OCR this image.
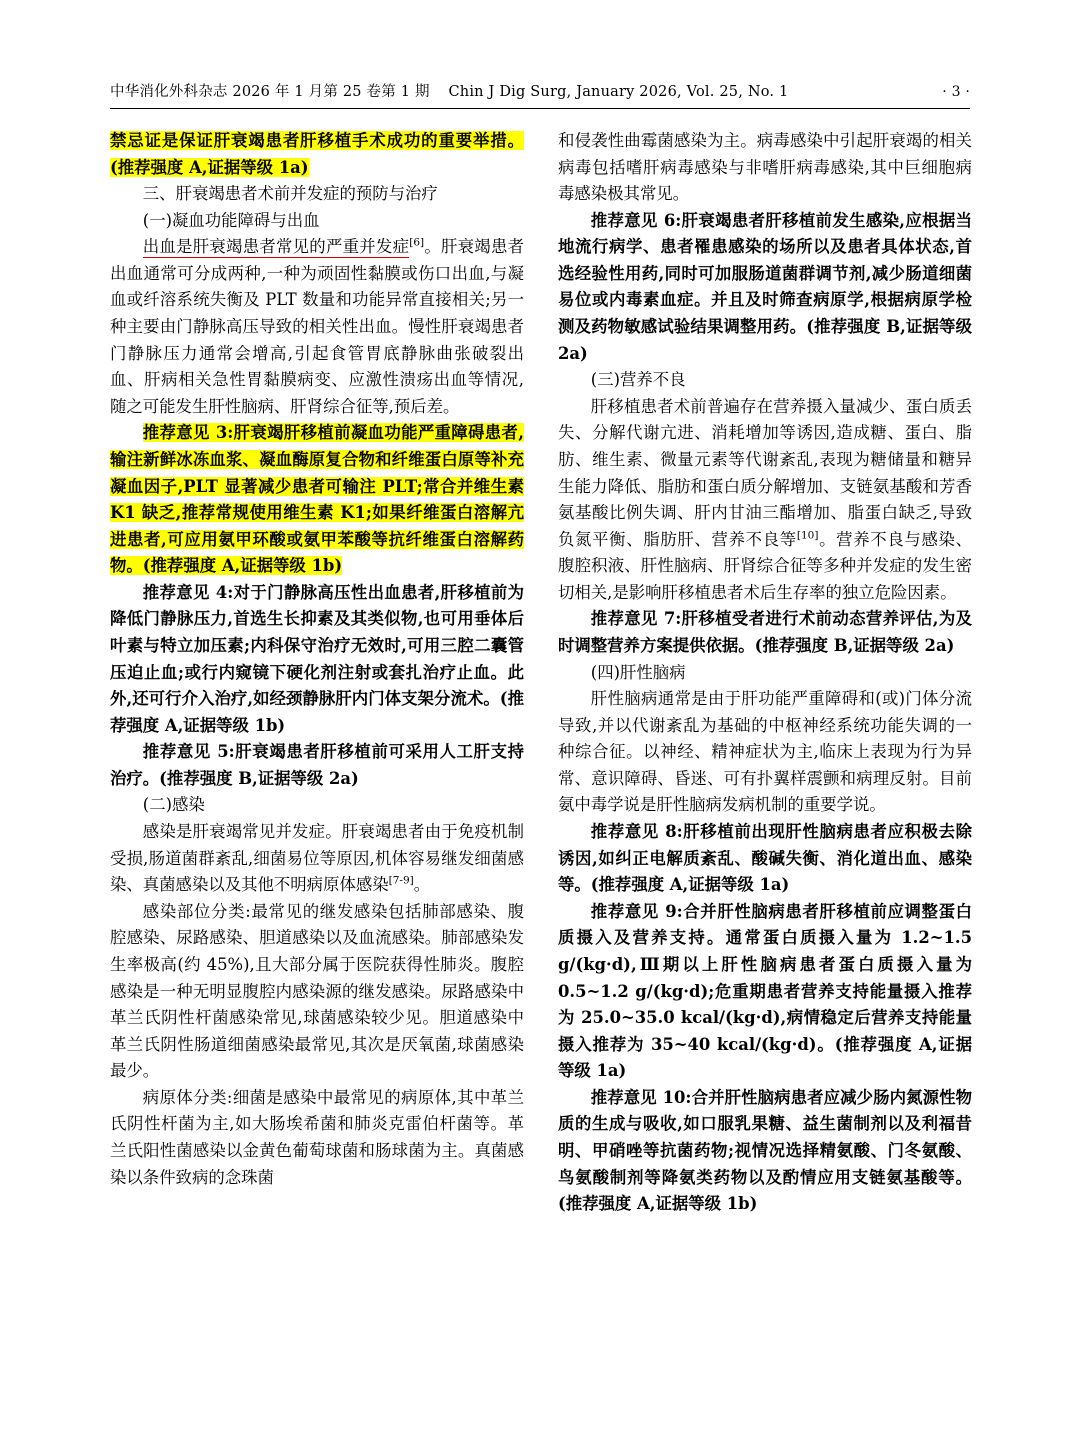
中华消化外科杂志 2026 年 1 月第 25 卷第 1 期 Chin J Dig Surg, January 2026, Vol. 25, No. 1	· 3 ·

禁忌证是保证肝衰竭患者肝移植手术成功的重要举措。(推荐强度 A,证据等级 1a)

三、肝衰竭患者术前并发症的预防与治疗

(一)凝血功能障碍与出血

出血是肝衰竭患者常见的严重并发症[6]。肝衰竭患者出血通常可分成两种,一种为顽固性黏膜或伤口出血,与凝血或纤溶系统失衡及 PLT 数量和功能异常直接相关;另一种主要由门静脉高压导致的相关性出血。慢性肝衰竭患者门静脉压力通常会增高,引起食管胃底静脉曲张破裂出血、肝病相关急性胃黏膜病变、应激性溃疡出血等情况,随之可能发生肝性脑病、肝肾综合征等,预后差。

推荐意见 3:肝衰竭肝移植前凝血功能严重障碍患者,输注新鲜冰冻血浆、凝血酶原复合物和纤维蛋白原等补充凝血因子,PLT 显著减少患者可输注 PLT;常合并维生素 K1 缺乏,推荐常规使用维生素 K1;如果纤维蛋白溶解亢进患者,可应用氨甲环酸或氨甲苯酸等抗纤维蛋白溶解药物。(推荐强度 A,证据等级 1b)

推荐意见 4:对于门静脉高压性出血患者,肝移植前为降低门静脉压力,首选生长抑素及其类似物,也可用垂体后叶素与特立加压素;内科保守治疗无效时,可用三腔二囊管压迫止血;或行内窥镜下硬化剂注射或套扎治疗止血。此外,还可行介入治疗,如经颈静脉肝内门体支架分流术。(推荐强度 A,证据等级 1b)

推荐意见 5:肝衰竭患者肝移植前可采用人工肝支持治疗。(推荐强度 B,证据等级 2a)

(二)感染

感染是肝衰竭常见并发症。肝衰竭患者由于免疫机制受损,肠道菌群紊乱,细菌易位等原因,机体容易继发细菌感染、真菌感染以及其他不明病原体感染[7-9]。

感染部位分类:最常见的继发感染包括肺部感染、腹腔感染、尿路感染、胆道感染以及血流感染。肺部感染发生率极高(约 45%),且大部分属于医院获得性肺炎。腹腔感染是一种无明显腹腔内感染源的继发感染。尿路感染中革兰氏阴性杆菌感染常见,球菌感染较少见。胆道感染中革兰氏阴性肠道细菌感染最常见,其次是厌氧菌,球菌感染最少。

病原体分类:细菌是感染中最常见的病原体,其中革兰氏阴性杆菌为主,如大肠埃希菌和肺炎克雷伯杆菌等。革兰氏阳性菌感染以金黄色葡萄球菌和肠球菌为主。真菌感染以条件致病的念珠菌

和侵袭性曲霉菌感染为主。病毒感染中引起肝衰竭的相关病毒包括嗜肝病毒感染与非嗜肝病毒感染,其中巨细胞病毒感染极其常见。

推荐意见 6:肝衰竭患者肝移植前发生感染,应根据当地流行病学、患者罹患感染的场所以及患者具体状态,首选经验性用药,同时可加服肠道菌群调节剂,减少肠道细菌易位或内毒素血症。并且及时筛查病原学,根据病原学检测及药物敏感试验结果调整用药。(推荐强度 B,证据等级 2a)

(三)营养不良

肝移植患者术前普遍存在营养摄入量减少、蛋白质丢失、分解代谢亢进、消耗增加等诱因,造成糖、蛋白、脂肪、维生素、微量元素等代谢紊乱,表现为糖储量和糖异生能力降低、脂肪和蛋白质分解增加、支链氨基酸和芳香氨基酸比例失调、肝内甘油三酯增加、脂蛋白缺乏,导致负氮平衡、脂肪肝、营养不良等[10]。营养不良与感染、腹腔积液、肝性脑病、肝肾综合征等多种并发症的发生密切相关,是影响肝移植患者术后生存率的独立危险因素。

推荐意见 7:肝移植受者进行术前动态营养评估,为及时调整营养方案提供依据。(推荐强度 B,证据等级 2a)

(四)肝性脑病

肝性脑病通常是由于肝功能严重障碍和(或)门体分流导致,并以代谢紊乱为基础的中枢神经系统功能失调的一种综合征。以神经、精神症状为主,临床上表现为行为异常、意识障碍、昏迷、可有扑翼样震颤和病理反射。目前氨中毒学说是肝性脑病发病机制的重要学说。

推荐意见 8:肝移植前出现肝性脑病患者应积极去除诱因,如纠正电解质紊乱、酸碱失衡、消化道出血、感染等。(推荐强度 A,证据等级 1a)

推荐意见 9:合并肝性脑病患者肝移植前应调整蛋白质摄入及营养支持。通常蛋白质摄入量为 1.2~1.5 g/(kg·d),Ⅲ期以上肝性脑病患者蛋白质摄入量为 0.5~1.2 g/(kg·d);危重期患者营养支持能量摄入推荐为 25.0~35.0 kcal/(kg·d),病情稳定后营养支持能量摄入推荐为 35~40 kcal/(kg·d)。(推荐强度 A,证据等级 1a)

推荐意见 10:合并肝性脑病患者应减少肠内氮源性物质的生成与吸收,如口服乳果糖、益生菌制剂以及利福昔明、甲硝唑等抗菌药物;视情况选择精氨酸、门冬氨酸、鸟氨酸制剂等降氨类药物以及酌情应用支链氨基酸等。(推荐强度 A,证据等级 1b)
